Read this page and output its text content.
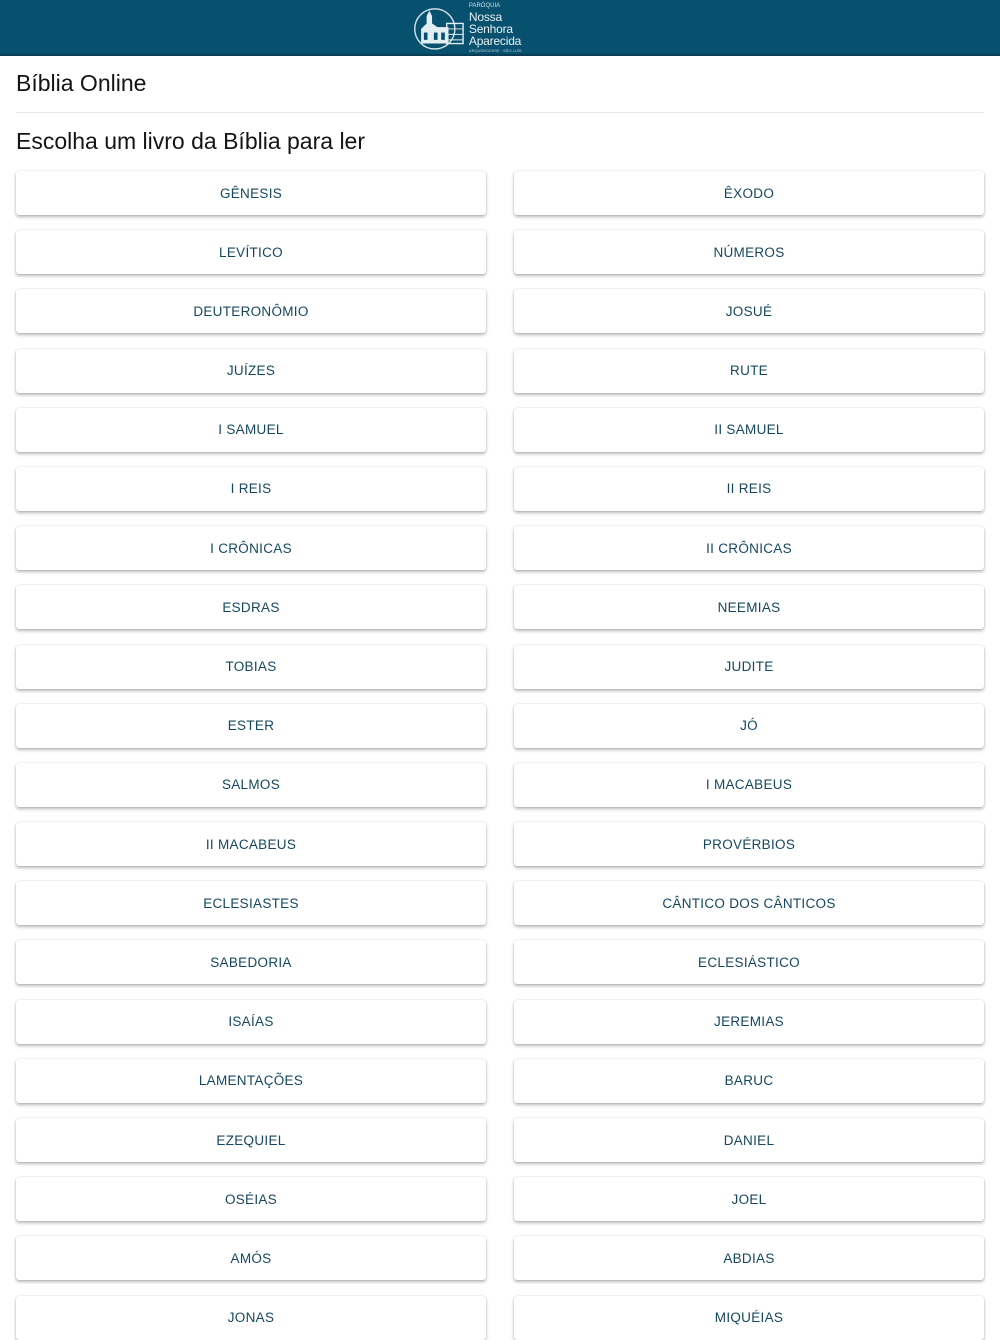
PARÓQUIA
Nossa Senhora
Aparecida
ARQUIDIOCESE · SÃO LUÍS
Bíblia Online
Escolha um livro da Bíblia para ler
GÊNESIS	ÊXODO
LEVÍTICO	NÚMEROS
DEUTERONÔMIO	JOSUÉ
JUÍZES	RUTE
I SAMUEL	II SAMUEL
I REIS	II REIS
I CRÔNICAS	II CRÔNICAS
ESDRAS	NEEMIAS
TOBIAS	JUDITE
ESTER	JÓ
SALMOS	I MACABEUS
II MACABEUS	PROVÉRBIOS
ECLESIASTES	CÂNTICO DOS CÂNTICOS
SABEDORIA	ECLESIÁSTICO
ISAÍAS	JEREMIAS
LAMENTAÇÕES	BARUC
EZEQUIEL	DANIEL
OSÉIAS	JOEL
AMÓS	ABDIAS
JONAS	MIQUÉIAS
